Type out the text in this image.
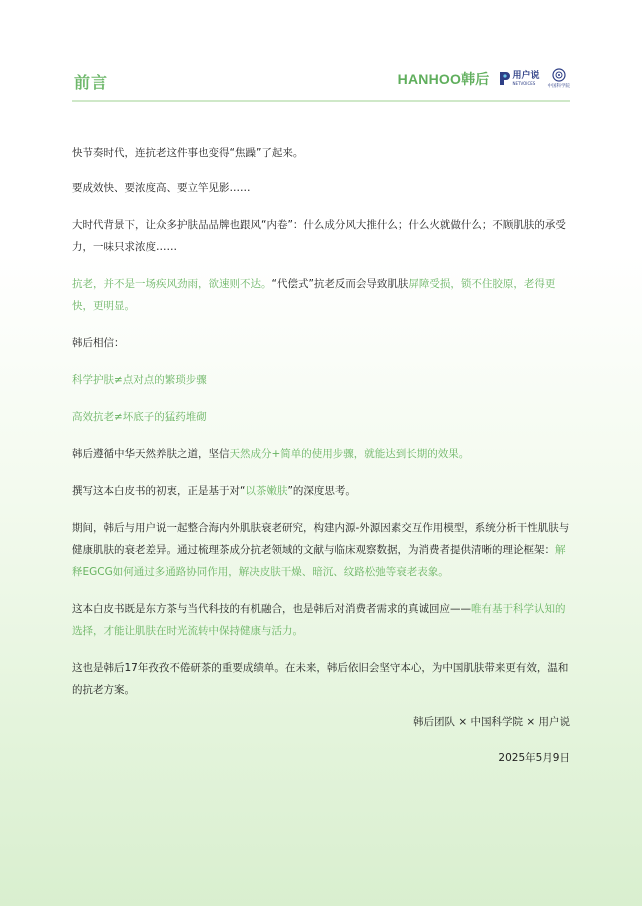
前言	HANHOO 韩后	用户说
NETVOICES
中国科学院

快节奏时代，连抗老这件事也变得“焦躁”了起来。

要成效快、要浓度高、要立竿见影……

大时代背景下，让众多护肤品品牌也跟风“内卷”：什么成分风大推什么；什么火就做什么；不顾肌肤的承受力，一味只求浓度……

抗老，并不是一场疾风劲雨，欲速则不达。“代偿式”抗老反而会导致肌肤屏障受损，锁不住胶原，老得更快，更明显。

韩后相信：

科学护肤≠点对点的繁琐步骤

高效抗老≠坏底子的猛药堆砌

韩后遵循中华天然养肤之道，坚信天然成分+简单的使用步骤，就能达到长期的效果。

撰写这本白皮书的初衷，正是基于对“以茶嫩肤”的深度思考。

期间，韩后与用户说一起整合海内外肌肤衰老研究，构建内源-外源因素交互作用模型，系统分析干性肌肤与健康肌肤的衰老差异。通过梳理茶成分抗老领域的文献与临床观察数据，为消费者提供清晰的理论框架：解释EGCG如何通过多通路协同作用，解决皮肤干燥、暗沉、纹路松弛等衰老表象。

这本白皮书既是东方茶与当代科技的有机融合，也是韩后对消费者需求的真诚回应——唯有基于科学认知的选择，才能让肌肤在时光流转中保持健康与活力。

这也是韩后17年孜孜不倦研茶的重要成绩单。在未来，韩后依旧会坚守本心，为中国肌肤带来更有效，温和的抗老方案。

韩后团队 × 中国科学院 × 用户说
2025年5月9日
